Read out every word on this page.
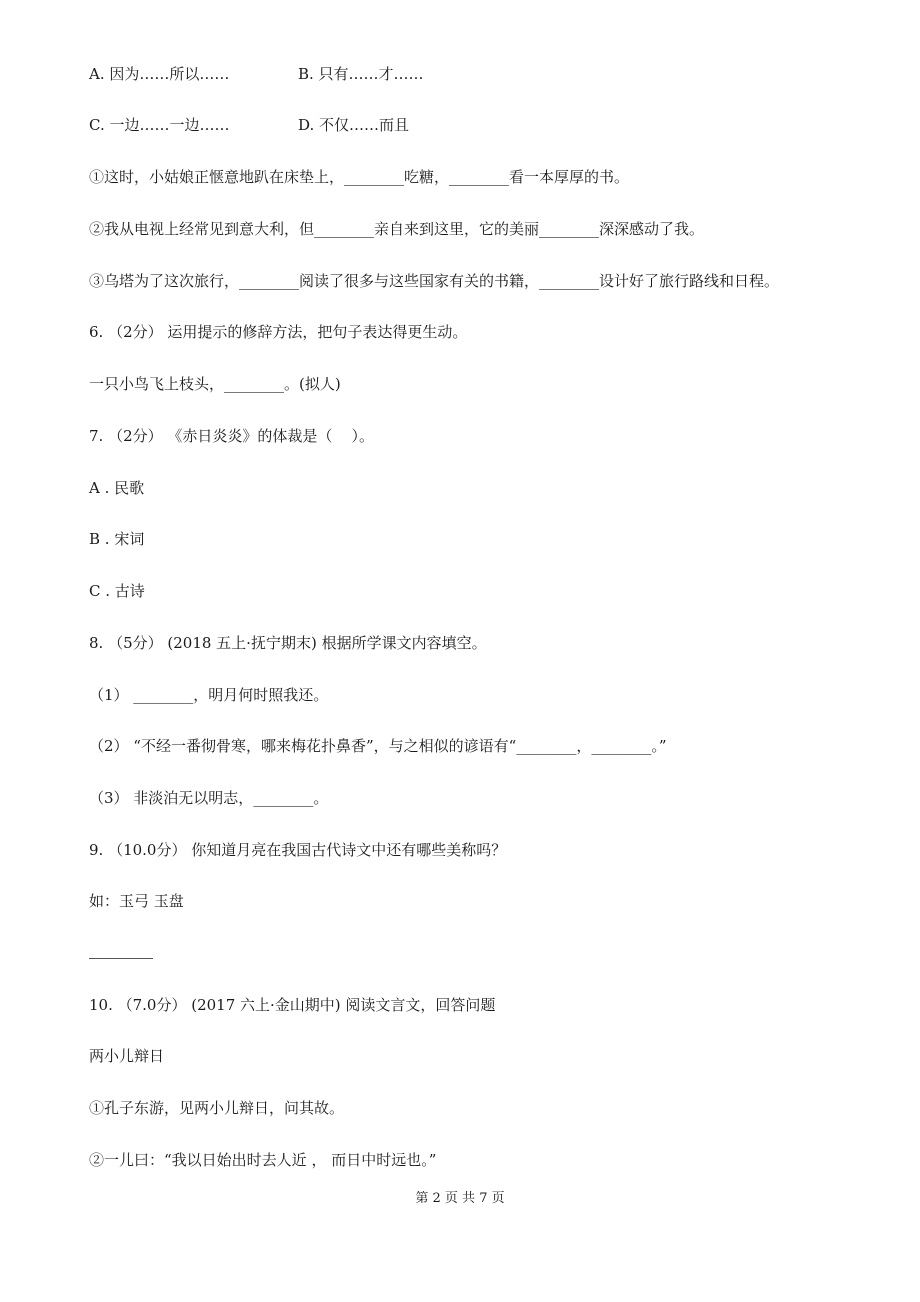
A. 因为……所以……	B. 只有……才……
C. 一边……一边……	D. 不仅……而且
①这时，小姑娘正惬意地趴在床垫上，________吃糖，________看一本厚厚的书。
②我从电视上经常见到意大利，但________亲自来到这里，它的美丽________深深感动了我。
③乌塔为了这次旅行，________阅读了很多与这些国家有关的书籍，________设计好了旅行路线和日程。
6. （2分） 运用提示的修辞方法，把句子表达得更生动。
一只小鸟飞上枝头，________。(拟人)
7. （2分） 《赤日炎炎》的体裁是（    ）。
A . 民歌
B . 宋词
C . 古诗
8. （5分） (2018 五上·抚宁期末) 根据所学课文内容填空。
（1） ________，明月何时照我还。
（2） “不经一番彻骨寒，哪来梅花扑鼻香”，与之相似的谚语有“________，________。”
（3） 非淡泊无以明志，________。
9. （10.0分） 你知道月亮在我国古代诗文中还有哪些美称吗？
如：玉弓 玉盘
10. （7.0分） (2017 六上·金山期中) 阅读文言文，回答问题
两小儿辩日
①孔子东游，见两小儿辩日，问其故。
②一儿曰：“我以日始出时去人近 ， 而日中时远也。”
第 2 页 共 7 页
